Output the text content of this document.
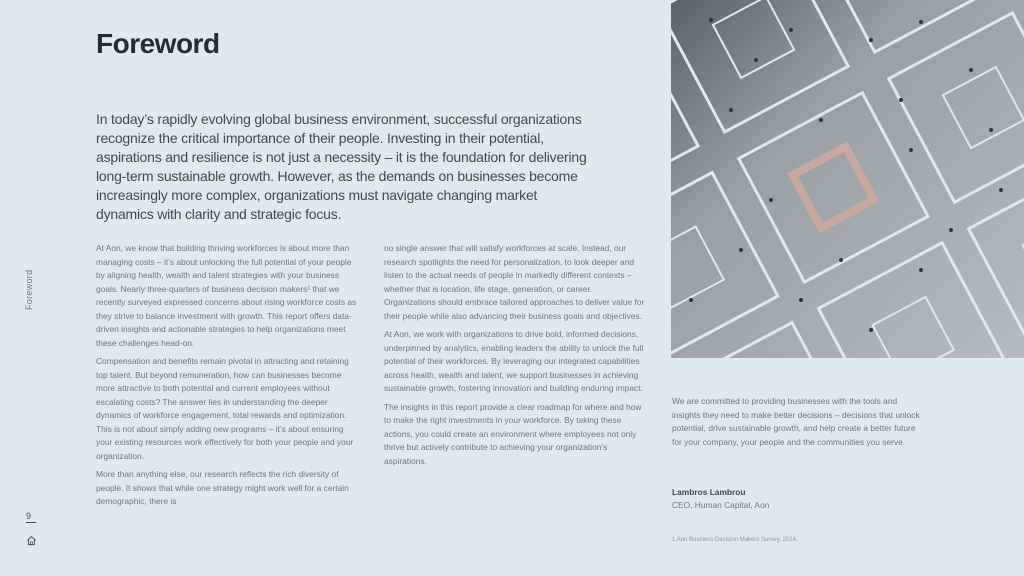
Foreword
9
Foreword

In today’s rapidly evolving global business environment, successful organizations recognize the critical importance of their people. Investing in their potential, aspirations and resilience is not just a necessity – it is the foundation for delivering long-term sustainable growth. However, as the demands on businesses become increasingly more complex, organizations must navigate changing market dynamics with clarity and strategic focus.

At Aon, we know that building thriving workforces is about more than managing costs – it’s about unlocking the full potential of your people by aligning health, wealth and talent strategies with your business goals. Nearly three-quarters of business decision makers¹ that we recently surveyed expressed concerns about rising workforce costs as they strive to balance investment with growth. This report offers data-driven insights and actionable strategies to help organizations meet these challenges head-on.

Compensation and benefits remain pivotal in attracting and retaining top talent. But beyond remuneration, how can businesses become more attractive to both potential and current employees without escalating costs? The answer lies in understanding the deeper dynamics of workforce engagement, total rewards and optimization. This is not about simply adding new programs – it’s about ensuring your existing resources work effectively for both your people and your organization.

More than anything else, our research reflects the rich diversity of people. It shows that while one strategy might work well for a certain demographic, there is

no single answer that will satisfy workforces at scale. Instead, our research spotlights the need for personalization, to look deeper and listen to the actual needs of people in markedly different contexts – whether that is location, life stage, generation, or career. Organizations should embrace tailored approaches to deliver value for their people while also advancing their business goals and objectives.

At Aon, we work with organizations to drive bold, informed decisions, underpinned by analytics, enabling leaders the ability to unlock the full potential of their workforces. By leveraging our integrated capabilities across health, wealth and talent, we support businesses in achieving sustainable growth, fostering innovation and building enduring impact.

The insights in this report provide a clear roadmap for where and how to make the right investments in your workforce. By taking these actions, you could create an environment where employees not only thrive but actively contribute to achieving your organization’s aspirations.

We are committed to providing businesses with the tools and insights they need to make better decisions – decisions that unlock potential, drive sustainable growth, and help create a better future for your company, your people and the communities you serve.

Lambros Lambrou
CEO, Human Capital, Aon
1 Aon Business Decision Makers Survey, 2024.
